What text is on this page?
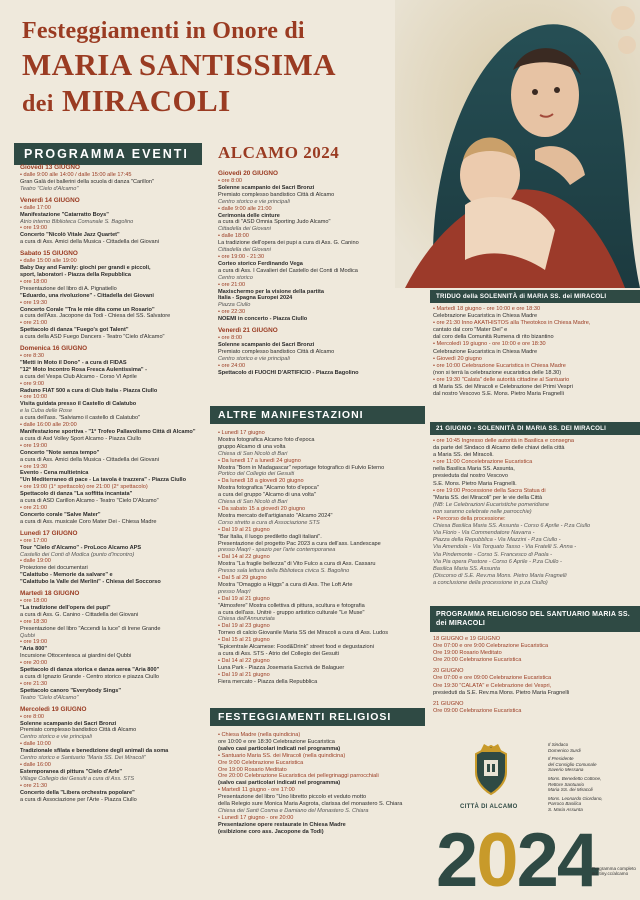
Festeggiamenti in Onore di
MARIA SANTISSIMA
dei MIRACOLI
PROGRAMMA EVENTI	ALCAMO 2024
Giovedì 13 GIUGNO
• dalle 9:00 alle 14:00 / dalle 15:00 alle 17:45
Gran Galà dei ballerini della scuola di danza "Carillon"
Teatro "Cielo d'Alcamo"
Venerdì 14 GIUGNO
• dalle 17:00
Manifestazione "Catarratto Boys"
Atrio interno Biblioteca Comunale S. Bagolino
• ore 19:00
Concerto "Nicolò Vitale Jazz Quartet"
a cura di Ass. Amici della Musica - Cittadella dei Giovani
Sabato 15 GIUGNO
• dalle 15:00 alle 19:00
Baby Day and Family: giochi per grandi e piccoli,
sport, laboratori - Piazza della Repubblica
• ore 18:00
Presentazione del libro di A. Pignatiello
"Eduardo, una rivoluzione" - Cittadella dei Giovani
• ore 19:30
Concerto Corale "Tra le mie dita come un Rosario"
a cura dell'Ass. Jacopone da Todi - Chiesa del SS. Salvatore
• ore 21:00
Spettacolo di danza "Fuego's got Talent"
a cura della ASD Fuego Dancers - Teatro "Cielo d'Alcamo"
Domenica 16 GIUGNO
• ore 8:30
"Metti in Moto il Dono" - a cura di FIDAS
"12° Moto Incontro Rosa Fresca Aulentissima" -
a cura del Vespa Club Alcamo - Corso VI Aprile
• ore 9:00
Raduno FIAT 500 a cura di Club Italia - Piazza Ciullo
• ore 10:00
Visita guidata presso il Castello di Calatubo
e la Cuba delle Rose
a cura dell'ass. "Salviamo il castello di Calatubo"
• dalle 16:00 alle 20:00
Manifestazione sportiva - "1° Trofeo Pallavolismo Città di Alcamo"
a cura di Asd Volley Sport Alcamo - Piazza Ciullo
• ore 19:00
Concerto "Note senza tempo"
a cura di Ass. Amici della Musica - Cittadella dei Giovani
• ore 19:30
Evento - Cena multietnica
"Un Mediterraneo di pace - La tavola è trazzera" - Piazza Ciullo
• ore 19:00 (1° spettacolo) ore 21:00 (2° spettacolo)
Spettacolo di danza "La soffitta incantata"
a cura di ASD Carillon Alcamo - Teatro "Cielo D'Alcamo"
• ore 21:00
Concerto corale "Salve Mater"
a cura di Ass. musicale Coro Mater Dei - Chiesa Madre
Lunedì 17 GIUGNO
• ore 17:00
Tour "Cielo d'Alcamo" - ProLoco Alcamo APS
Castello dei Conti di Modica (punto d'incontro)
• dalle 19:00
Proiezione dei documentari
"Calattubo - Memorie da salvare" e
"Calattubo la Valle dei Merlini" - Chiesa del Soccorso
Martedì 18 GIUGNO
• ore 18:00
"La tradizione dell'opera dei pupi"
a cura di Ass. G. Canino - Cittadella dei Giovani
• ore 18:30
Presentazione del libro "Accendi la luce" di Irene Grande
Qubbi
• ore 19:00
"Aria 800"
Incursione Ottocentesca ai giardini del Qubbi
• ore 20:00
Spettacolo di danza storica e danza aerea "Aria 800"
a cura di Ignazio Grande - Centro storico e piazza Ciullo
• ore 21:30
Spettacolo canoro "Everybody Sings"
Teatro "Cielo d'Alcamo"
Mercoledì 19 GIUGNO
• ore 8:00
Solenne scampanio dei Sacri Bronzi
Premiato complesso bandistico Città di Alcamo
Centro storico e vie principali
• dalle 10:00
Tradizionale sfilata e benedizione degli animali da soma
Centro storico e Santuario "Maria SS. Dei Miracoli"
• dalle 16:00
Estemporanea di pittura "Cielo d'Arte"
Village Collegio dei Gesuiti a cura di Ass. STS
• ore 21:30
Concerto della "Libera orchestra popolare"
a cura di Associazione per l'Arte - Piazza Ciullo
Giovedì 20 GIUGNO
• ore 8:00
Solenne scampanio dei Sacri Bronzi
Premiato complesso bandistico Città di Alcamo
Centro storico e vie principali
• dalle 9:00 alle 21:00
Cerimonia delle cinture
a cura di "ASD Omnia Sporting Judo Alcamo"
Cittadella dei Giovani
• dalle 18:00
La tradizione dell'opera dei pupi a cura di Ass. G. Canino
Cittadella dei Giovani
• ore 19:00 - 21:30
Corteo storico Ferdinando Vega
a cura di Ass. I Cavalieri del Castello dei Conti di Modica
Centro storico
• ore 21:00
Maxischermo per la visione della partita
Italia - Spagna Europei 2024
Piazza Ciullo
• ore 22:30
NOEMI in concerto - Piazza Ciullo
Venerdì 21 GIUGNO
• ore 8:00
Solenne scampanio dei Sacri Bronzi
Premiato complesso bandistico Città di Alcamo
Centro storico e vie principali
• ore 24:00
Spettacolo di FUOCHI D'ARTIFICIO - Piazza Bagolino
ALTRE MANIFESTAZIONI
• Lunedì 17 giugno
Mostra fotografica Alcamo foto d'epoca
gruppo Alcamo di una volta
Chiesa di San Nicolò di Bari
• Da lunedì 17 a lunedì 24 giugno
Mostra "Born in Madagascar" reportage fotografico di Fulvio Eterno
Portico del Collegio dei Gesuiti
• Da lunedì 18 a giovedì 20 giugno
Mostra fotografica "Alcamo foto d'epoca"
a cura del gruppo "Alcamo di una volta"
Chiesa di San Nicolò di Bari
• Da sabato 15 a giovedì 20 giugno
Mostra mercato dell'artigianato "Alcamo 2024"
Corso stretto a cura di Associazione STS
• Dal 19 al 21 giugno
"Bar Italia, il luogo prediletto dagli italiani".
Presentazione del progetto Pac 2023 a cura dell'ass. Landescape
presso Maqrì - spazio per l'arte contemporanea
• Dal 14 al 22 giugno
Mostra "La fragile bellezza" di Vito Fulco a cura di Ass. Cassaru
Presso sala lettura della Biblioteca civica S. Bagolino
• Dal 5 al 29 giugno
Mostra "Omaggio a Higgs" a cura di Ass. The Loft Arte
presso Maqrì
• Dal 19 al 21 giugno
"Atmosfere" Mostra collettiva di pittura, scultura e fotografia
a cura dell'ass. Unitrè - gruppo artistico culturale "Le Muse"
Chiesa dell'Annunziata
• Dal 19 al 23 giugno
Torneo di calcio Giovanile Maria SS dei Miracoli a cura di Ass. Ludos
• Dal 15 al 21 giugno
"Epicentrale Alcamese: Food&Drink" street food e degustazioni
a cura di Ass. STS - Atrio del Collegio dei Gesuiti
• Dal 14 al 22 giugno
Luna Park - Piazza Josemaria Escrivà de Balaguer
• Dal 19 al 21 giugno
Fiera mercato - Piazza della Repubblica
FESTEGGIAMENTI RELIGIOSI
• Chiesa Madre (nella quindicina)
ore 10:00 e ore 18:30 Celebrazione Eucaristica
(salvo casi particolari indicati nel programma)
• Santuario Maria SS. dei Miracoli (nella quindicina)
Ore 9:00 Celebrazione Eucaristica
Ore 19:00 Rosario Meditato
Ore 20:00 Celebrazione Eucaristica dei pellegrinaggi parrocchiali
(salvo casi particolari indicati nel programma)
• Martedì 11 giugno - ore 17:00
Presentazione del libro "Uno libretto piccolo et veduto motto
della Relegio sure Monica Maria Asgrota, clarissa del monastero S. Chiara
Chiesa dei Santi Cosma e Damiano del Monastero S. Chiara
• Lunedì 17 giugno - ore 20:00
Presentazione opere restaurate in Chiesa Madre
(esibizione coro ass. Jacopone da Todi)
TRIDUO della SOLENNITÀ di MARIA SS. dei MIRACOLI
• Martedì 18 giugno - ore 10:00 e ore 18:30
Celebrazione Eucaristica in Chiesa Madre
• ore 21:30 Inno AKATHISTOS alla Theotokos in Chiesa Madre,
cantato dal coro "Mater Dei" e
dal coro della Comunità Rumena di rito bizantino
• Mercoledì 19 giugno - ore 10:00 e ore 18:30
Celebrazione Eucaristica in Chiesa Madre
• Giovedì 20 giugno
• ore 10:00 Celebrazione Eucaristica in Chiesa Madre
(non si terrà la celebrazione eucaristica delle 18.30)
• ore 19:30 "Calata" delle autorità cittadine al Santuario
di Maria SS. dei Miracoli e Celebrazione dei Primi Vespri
dal nostro Vescovo S.E. Mons. Pietro Maria Fragnelli
21 GIUGNO - SOLENNITÀ DI MARIA SS. DEI MIRACOLI
• ore 10:45 Ingresso delle autorità in Basilica e consegna
da parte del Sindaco di Alcamo delle chiavi della città
a Maria SS. dei Miracoli.
• ore 11:00 Concelebrazione Eucaristica
nella Basilica Maria SS. Assunta,
presieduta dal nostro Vescovo
S.E. Mons. Pietro Maria Fragnelli.
• ore 19:00 Processione della Sacra Statua di
"Maria SS. dei Miracoli" per le vie della Città
(NB: Le Celebrazioni Eucaristiche pomeridiane
non saranno celebrate nelle parrocchie)
• Percorso della processione:
Chiesa Basilica Maria SS. Assunta - Corso 6 Aprile - P.za Ciullo
Via Florio - Via Commendatore Navarra -
Piazza della Repubblica - Via Mazzini - P.za Ciullo -
Via Amendola - Via Torquato Tasso - Via Fratelli S. Anna -
Via Pindemonte - Corso S. Francesco di Paola -
Via Pia opera Pastore - Corso 6 Aprile - P.za Ciullo -
Basilica Maria SS. Assunta
(Discorso di S.E. Rev.ma Mons. Pietro Maria Fragnelli
a conclusione della processione in p.za Ciullo)
PROGRAMMA RELIGIOSO DEL SANTUARIO MARIA SS. dei MIRACOLI
18 GIUGNO e 19 GIUGNO
Ore 07:00 e ore 9:00 Celebrazione Eucaristica
Ore 19:00 Rosario Meditato
Ore 20:00 Celebrazione Eucaristica
20 GIUGNO
Ore 07:00 e ore 09:00 Celebrazione Eucaristica
Ore 19:30 "CALATA" e Celebrazione dei Vespri,
presieduti da S.E. Rev.ma Mons. Pietro Maria Fragnelli
21 GIUGNO
Ore 09:00 Celebrazione Eucaristica
CITTÀ DI ALCAMO
Il Sindaco
Domenico Surdi
Il Presidente
del Consiglio Comunale
Saverio Messana
Mons. Benedetto Cottone,
Rettore Santuario
Maria SS. dei Miracoli
Mons. Leonardo Giordano,
Parroco Basilica
S. Maria Assunta
2024
Programma completo su: tiny.cc/alcamo
